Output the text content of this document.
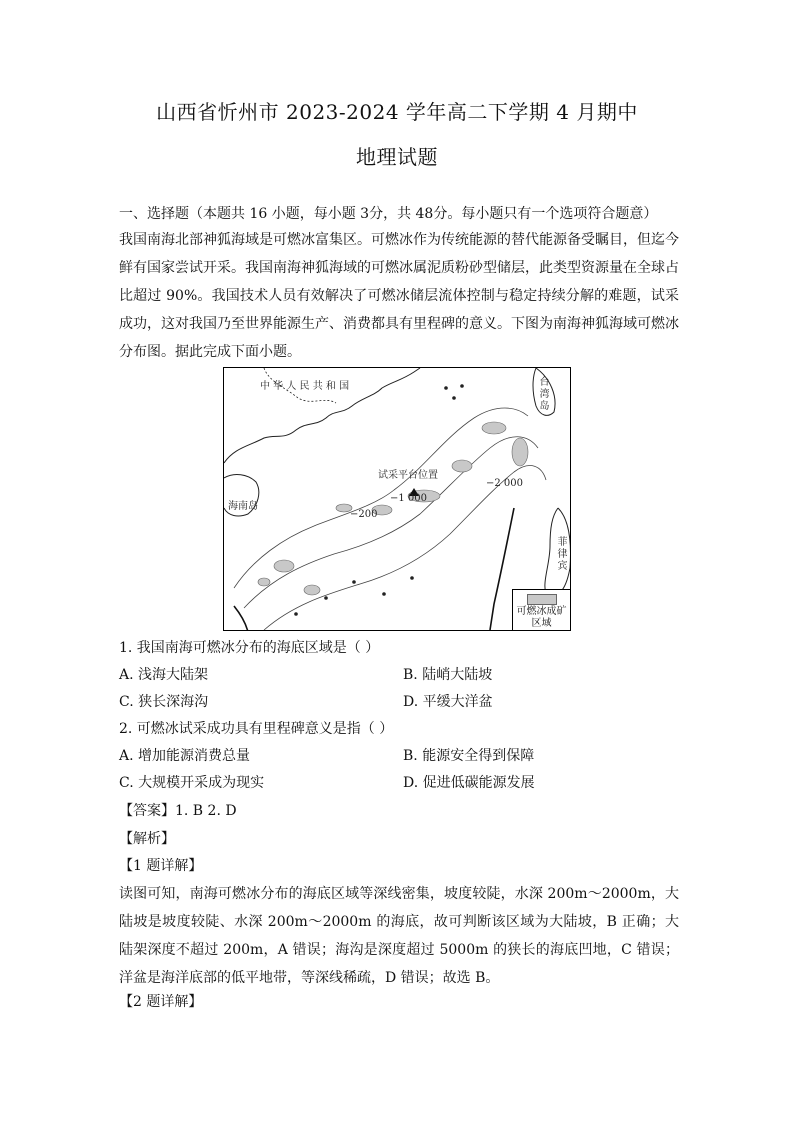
山西省忻州市 2023-2024 学年高二下学期 4 月期中
地理试题
一、选择题（本题共 16 小题，每小题 3分，共 48分。每小题只有一个选项符合题意）

我国南海北部神狐海域是可燃冰富集区。可燃冰作为传统能源的替代能源备受瞩目，但迄今鲜有国家尝试开采。我国南海神狐海域的可燃冰属泥质粉砂型储层，此类型资源量在全球占比超过 90%。我国技术人员有效解决了可燃冰储层流体控制与稳定持续分解的难题，试采成功，这对我国乃至世界能源生产、消费都具有里程碑的意义。下图为南海神狐海域可燃冰分布图。据此完成下面小题。

中 华 人 民 共 和 国	台湾岛
海南岛
菲律宾
试采平台位置
−200
−1 000
−2 000
可燃冰成矿区域
1. 我国南海可燃冰分布的海底区域是（ ）
A. 浅海大陆架	B. 陆峭大陆坡
C. 狭长深海沟	D. 平缓大洋盆
2. 可燃冰试采成功具有里程碑意义是指（ ）
A. 增加能源消费总量	B. 能源安全得到保障
C. 大规模开采成为现实	D. 促进低碳能源发展
【答案】1. B 2. D
【解析】
【1 题详解】

读图可知，南海可燃冰分布的海底区域等深线密集，坡度较陡，水深 200m～2000m，大陆坡是坡度较陡、水深 200m～2000m 的海底，故可判断该区域为大陆坡，B 正确；大陆架深度不超过 200m，A 错误；海沟是深度超过 5000m 的狭长的海底凹地，C 错误；洋盆是海洋底部的低平地带，等深线稀疏，D 错误；故选 B。

【2 题详解】
